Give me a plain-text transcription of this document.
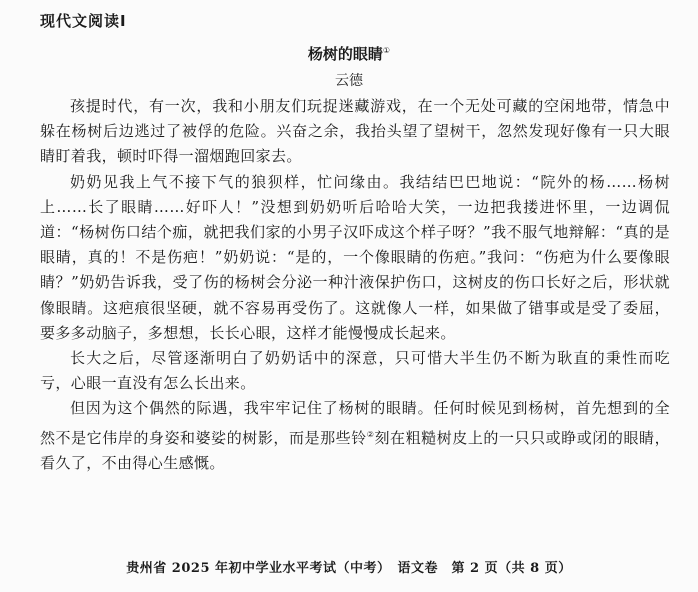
现代文阅读Ⅰ
杨树的眼睛①
云德

孩提时代，有一次，我和小朋友们玩捉迷藏游戏，在一个无处可藏的空闲地带，情急中躲在杨树后边逃过了被俘的危险。兴奋之余，我抬头望了望树干，忽然发现好像有一只大眼睛盯着我，顿时吓得一溜烟跑回家去。

奶奶见我上气不接下气的狼狈样，忙问缘由。我结结巴巴地说：“院外的杨……杨树上……长了眼睛……好吓人！”没想到奶奶听后哈哈大笑，一边把我搂进怀里，一边调侃道：“杨树伤口结个痂，就把我们家的小男子汉吓成这个样子呀？”我不服气地辩解：“真的是眼睛，真的！不是伤疤！”奶奶说：“是的，一个像眼睛的伤疤。”我问：“伤疤为什么要像眼睛？”奶奶告诉我，受了伤的杨树会分泌一种汁液保护伤口，这树皮的伤口长好之后，形状就像眼睛。这疤痕很坚硬，就不容易再受伤了。这就像人一样，如果做了错事或是受了委屈，要多多动脑子，多想想，长长心眼，这样才能慢慢成长起来。

长大之后，尽管逐渐明白了奶奶话中的深意，只可惜大半生仍不断为耿直的秉性而吃亏，心眼一直没有怎么长出来。

但因为这个偶然的际遇，我牢牢记住了杨树的眼睛。任何时候见到杨树，首先想到的全然不是它伟岸的身姿和婆娑的树影，而是那些铃②刻在粗糙树皮上的一只只或睁或闭的眼睛，看久了，不由得心生感慨。

贵州省 2025 年初中学业水平考试（中考）　语文卷　第 2 页（共 8 页）
